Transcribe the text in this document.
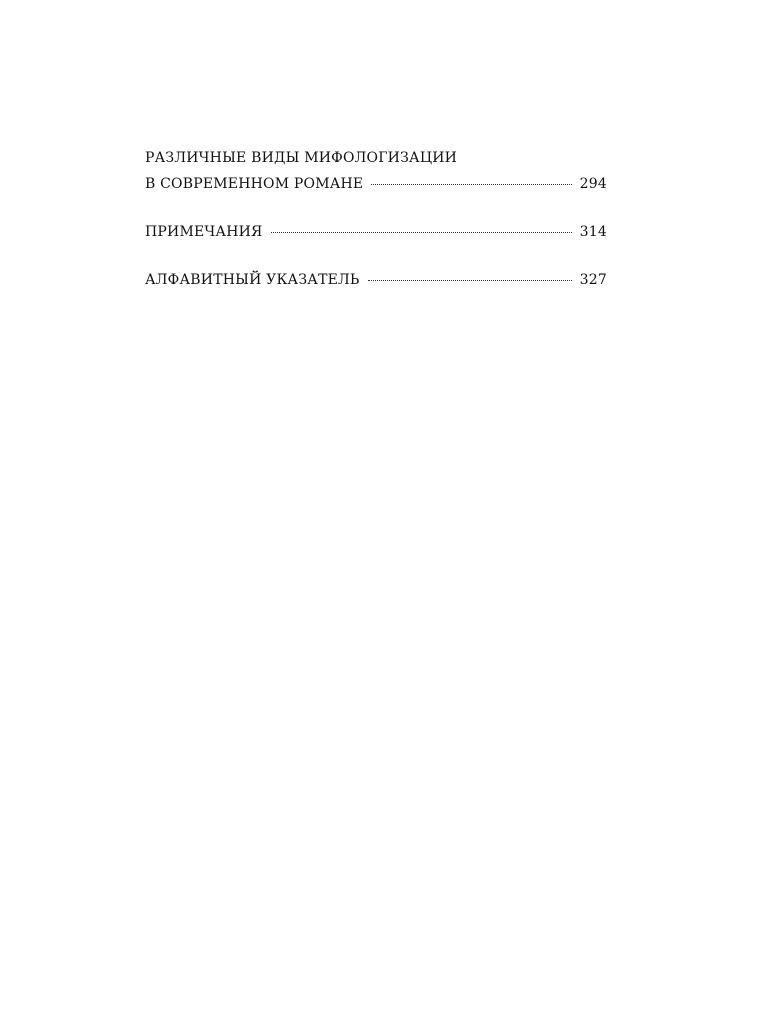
РАЗЛИЧНЫЕ ВИДЫ МИФОЛОГИЗАЦИИ
В СОВРЕМЕННОМ РОМАНЕ	294
ПРИМЕЧАНИЯ	314
АЛФАВИТНЫЙ УКАЗАТЕЛЬ	327
